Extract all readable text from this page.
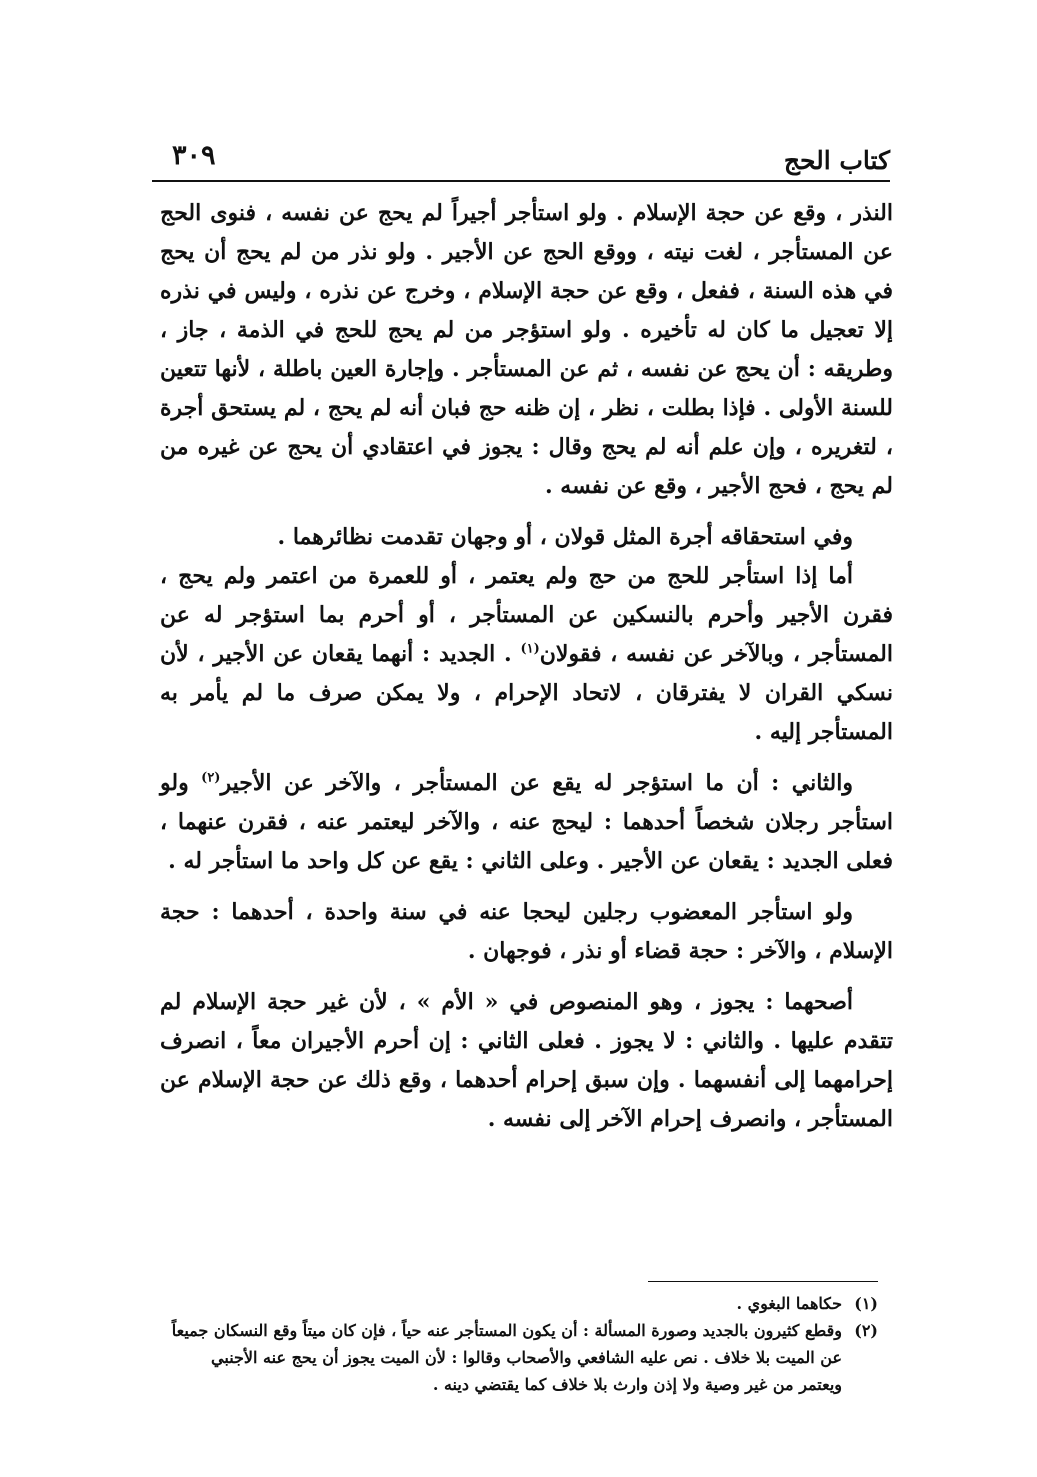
كتاب الحج
٣٠٩

النذر ، وقع عن حجة الإسلام . ولو استأجر أجيراً لم يحج عن نفسه ، فنوى الحج عن المستأجر ، لغت نيته ، ووقع الحج عن الأجير . ولو نذر من لم يحج أن يحج في هذه السنة ، ففعل ، وقع عن حجة الإسلام ، وخرج عن نذره ، وليس في نذره إلا تعجيل ما كان له تأخيره . ولو استؤجر من لم يحج للحج في الذمة ، جاز ، وطريقه : أن يحج عن نفسه ، ثم عن المستأجر . وإجارة العين باطلة ، لأنها تتعين للسنة الأولى . فإذا بطلت ، نظر ، إن ظنه حج فبان أنه لم يحج ، لم يستحق أجرة ، لتغريره ، وإن علم أنه لم يحج وقال : يجوز في اعتقادي أن يحج عن غيره من لم يحج ، فحج الأجير ، وقع عن نفسه .

وفي استحقاقه أجرة المثل قولان ، أو وجهان تقدمت نظائرهما .

أما إذا استأجر للحج من حج ولم يعتمر ، أو للعمرة من اعتمر ولم يحج ، فقرن الأجير وأحرم بالنسكين عن المستأجر ، أو أحرم بما استؤجر له عن المستأجر ، وبالآخر عن نفسه ، فقولان$^{(١)}$ . الجديد : أنهما يقعان عن الأجير ، لأن نسكي القران لا يفترقان ، لاتحاد الإحرام ، ولا يمكن صرف ما لم يأمر به المستأجر إليه .

والثاني : أن ما استؤجر له يقع عن المستأجر ، والآخر عن الأجير$^{(٢)}$ ولو استأجر رجلان شخصاً أحدهما : ليحج عنه ، والآخر ليعتمر عنه ، فقرن عنهما ، فعلى الجديد : يقعان عن الأجير . وعلى الثاني : يقع عن كل واحد ما استأجر له .

ولو استأجر المعضوب رجلين ليحجا عنه في سنة واحدة ، أحدهما : حجة الإسلام ، والآخر : حجة قضاء أو نذر ، فوجهان .

أصحهما : يجوز ، وهو المنصوص في « الأم » ، لأن غير حجة الإسلام لم تتقدم عليها . والثاني : لا يجوز . فعلى الثاني : إن أحرم الأجيران معاً ، انصرف إحرامهما إلى أنفسهما . وإن سبق إحرام أحدهما ، وقع ذلك عن حجة الإسلام عن المستأجر ، وانصرف إحرام الآخر إلى نفسه .

(١)حكاهما البغوي .

(٢)وقطع كثيرون بالجديد وصورة المسألة : أن يكون المستأجر عنه حياً ، فإن كان ميتاً وقع النسكان جميعاً

عن الميت بلا خلاف . نص عليه الشافعي والأصحاب وقالوا : لأن الميت يجوز أن يحج عنه الأجنبي

ويعتمر من غير وصية ولا إذن وارث بلا خلاف كما يقتضي دينه .
